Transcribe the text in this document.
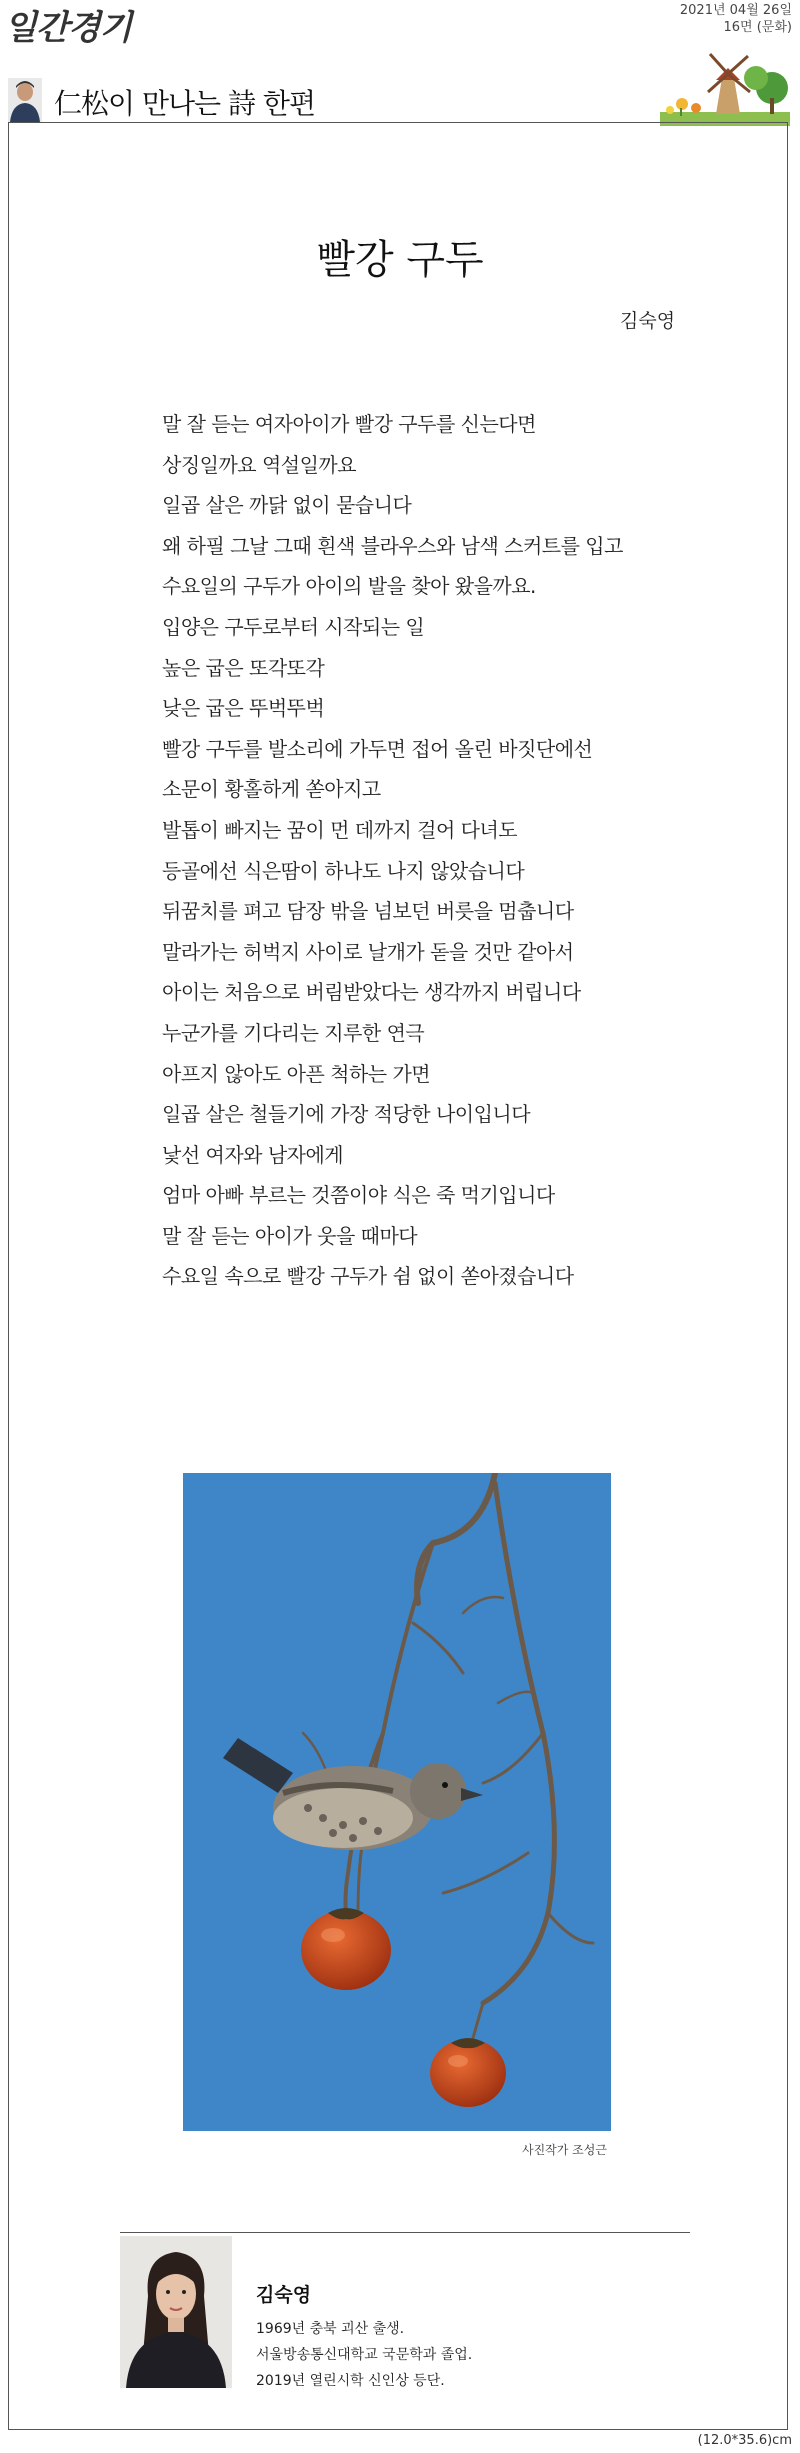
일간경기	2021년 04월 26일
16면 (문화)
仁松이 만나는 詩 한편
빨강 구두
김숙영
말 잘 듣는 여자아이가 빨강 구두를 신는다면
상징일까요 역설일까요
일곱 살은 까닭 없이 묻습니다
왜 하필 그날 그때 흰색 블라우스와 남색 스커트를 입고
수요일의 구두가 아이의 발을 찾아 왔을까요.
입양은 구두로부터 시작되는 일
높은 굽은 또각또각
낮은 굽은 뚜벅뚜벅
빨강 구두를 발소리에 가두면 접어 올린 바짓단에선
소문이 황홀하게 쏟아지고
발톱이 빠지는 꿈이 먼 데까지 걸어 다녀도
등골에선 식은땀이 하나도 나지 않았습니다
뒤꿈치를 펴고 담장 밖을 넘보던 버릇을 멈춥니다
말라가는 허벅지 사이로 날개가 돋을 것만 같아서
아이는 처음으로 버림받았다는 생각까지 버립니다
누군가를 기다리는 지루한 연극
아프지 않아도 아픈 척하는 가면
일곱 살은 철들기에 가장 적당한 나이입니다
낯선 여자와 남자에게
엄마 아빠 부르는 것쯤이야 식은 죽 먹기입니다
말 잘 듣는 아이가 웃을 때마다
수요일 속으로 빨강 구두가 쉼 없이 쏟아졌습니다
사진작가 조성근
김숙영
1969년 충북 괴산 출생.
서울방송통신대학교 국문학과 졸업.
2019년 열린시학 신인상 등단.
(12.0*35.6)cm
